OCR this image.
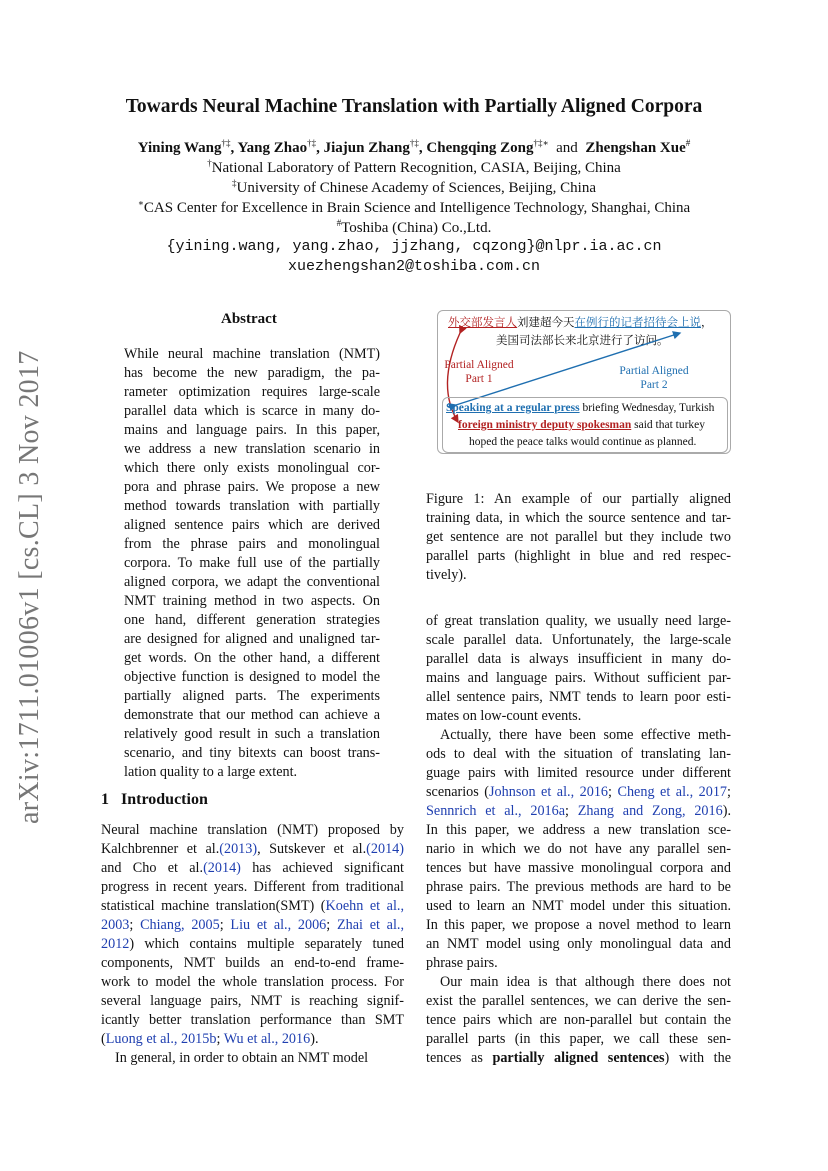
arXiv:1711.01006v1 [cs.CL] 3 Nov 2017
Towards Neural Machine Translation with Partially Aligned Corpora
Yining Wang†‡, Yang Zhao†‡, Jiajun Zhang†‡, Chengqing Zong†‡∗ and Zhengshan Xue#
†National Laboratory of Pattern Recognition, CASIA, Beijing, China
‡University of Chinese Academy of Sciences, Beijing, China
∗CAS Center for Excellence in Brain Science and Intelligence Technology, Shanghai, China
#Toshiba (China) Co.,Ltd.
{yining.wang, yang.zhao, jjzhang, cqzong}@nlpr.ia.ac.cn
xuezhengshan2@toshiba.com.cn
Abstract
While neural machine translation (NMT)
has become the new paradigm, the pa-
rameter optimization requires large-scale
parallel data which is scarce in many do-
mains and language pairs. In this paper,
we address a new translation scenario in
which there only exists monolingual cor-
pora and phrase pairs. We propose a new
method towards translation with partially
aligned sentence pairs which are derived
from the phrase pairs and monolingual
corpora. To make full use of the partially
aligned corpora, we adapt the conventional
NMT training method in two aspects. On
one hand, different generation strategies
are designed for aligned and unaligned tar-
get words. On the other hand, a different
objective function is designed to model the
partially aligned parts. The experiments
demonstrate that our method can achieve a
relatively good result in such a translation
scenario, and tiny bitexts can boost trans-
lation quality to a large extent.
1 Introduction
Neural machine translation (NMT) proposed by
Kalchbrenner et al.(2013), Sutskever et al.(2014)
and Cho et al.(2014) has achieved significant
progress in recent years. Different from traditional
statistical machine translation(SMT) (Koehn et al.,
2003; Chiang, 2005; Liu et al., 2006; Zhai et al.,
2012) which contains multiple separately tuned
components, NMT builds an end-to-end frame-
work to model the whole translation process. For
several language pairs, NMT is reaching signif-
icantly better translation performance than SMT
(Luong et al., 2015b; Wu et al., 2016).
In general, in order to obtain an NMT model
外交部发言人刘建超今天在例行的记者招待会上说，
美国司法部长来北京进行了访问。
Partial Aligned
Part 1
Partial Aligned
Part 2
Speaking at a regular press briefing Wednesday, Turkish
foreign ministry deputy spokesman said that turkey
hoped the peace talks would continue as planned.
Figure 1: An example of our partially aligned
training data, in which the source sentence and tar-
get sentence are not parallel but they include two
parallel parts (highlight in blue and red respec-
tively).
of great translation quality, we usually need large-
scale parallel data. Unfortunately, the large-scale
parallel data is always insufficient in many do-
mains and language pairs. Without sufficient par-
allel sentence pairs, NMT tends to learn poor esti-
mates on low-count events.
Actually, there have been some effective meth-
ods to deal with the situation of translating lan-
guage pairs with limited resource under different
scenarios (Johnson et al., 2016; Cheng et al., 2017;
Sennrich et al., 2016a; Zhang and Zong, 2016).
In this paper, we address a new translation sce-
nario in which we do not have any parallel sen-
tences but have massive monolingual corpora and
phrase pairs. The previous methods are hard to be
used to learn an NMT model under this situation.
In this paper, we propose a novel method to learn
an NMT model using only monolingual data and
phrase pairs.
Our main idea is that although there does not
exist the parallel sentences, we can derive the sen-
tence pairs which are non-parallel but contain the
parallel parts (in this paper, we call these sen-
tences as partially aligned sentences) with the
